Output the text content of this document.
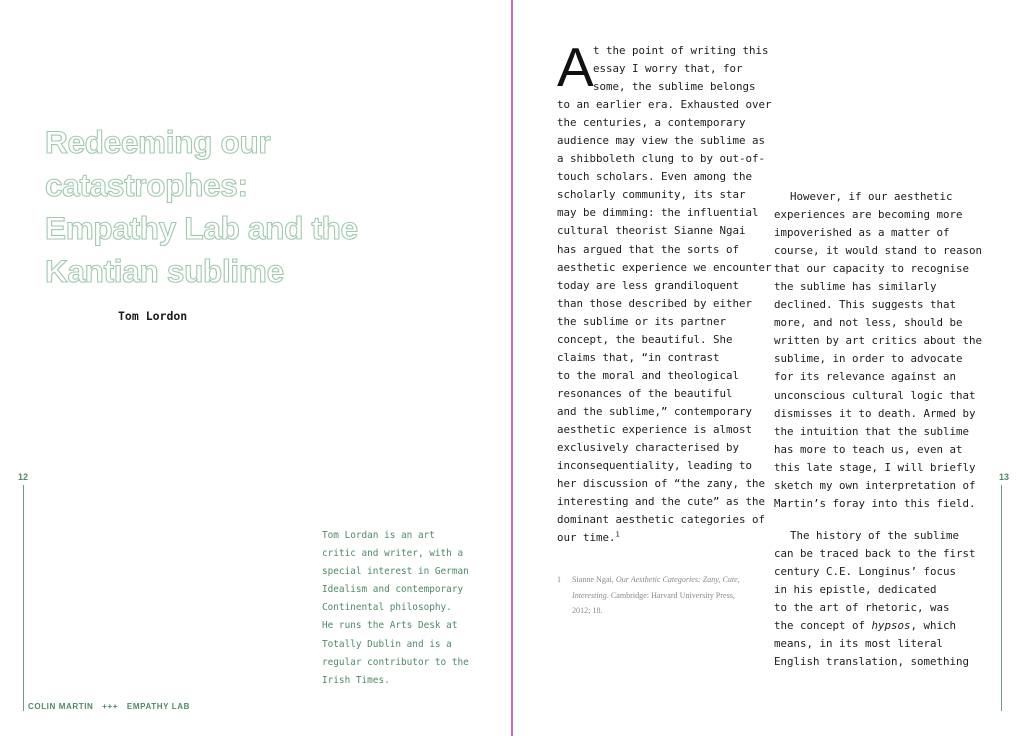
Redeeming our
catastrophes:
Empathy Lab and the
Kantian sublime
Tom Lordon
12
Tom Lordan is an art
critic and writer, with a
special interest in German
Idealism and contemporary
Continental philosophy.
He runs the Arts Desk at
Totally Dublin and is a
regular contributor to the
Irish Times.
COLIN MARTIN +++ EMPATHY LAB
A t the point of writing this
essay I worry that, for
some, the sublime belongs
to an earlier era. Exhausted over
the centuries, a contemporary
audience may view the sublime as
a shibboleth clung to by out-of-
touch scholars. Even among the
scholarly community, its star
may be dimming: the influential
cultural theorist Sianne Ngai
has argued that the sorts of
aesthetic experience we encounter
today are less grandiloquent
than those described by either
the sublime or its partner
concept, the beautiful. She
claims that, “in contrast
to the moral and theological
resonances of the beautiful
and the sublime,” contemporary
aesthetic experience is almost
exclusively characterised by
inconsequentiality, leading to
her discussion of “the zany, the
interesting and the cute” as the
dominant aesthetic categories of
our time.$^1$
1 Sianne Ngai, Our Aesthetic Categories: Zany, Cute,
Interesting. Cambridge: Harvard University Press,
2012; 18.
However, if our aesthetic
experiences are becoming more
impoverished as a matter of
course, it would stand to reason
that our capacity to recognise
the sublime has similarly
declined. This suggests that
more, and not less, should be
written by art critics about the
sublime, in order to advocate
for its relevance against an
unconscious cultural logic that
dismisses it to death. Armed by
the intuition that the sublime
has more to teach us, even at
this late stage, I will briefly
sketch my own interpretation of
Martin’s foray into this field.
The history of the sublime
can be traced back to the first
century C.E. Longinus’ focus
in his epistle, dedicated
to the art of rhetoric, was
the concept of hypsos, which
means, in its most literal
English translation, something
13
